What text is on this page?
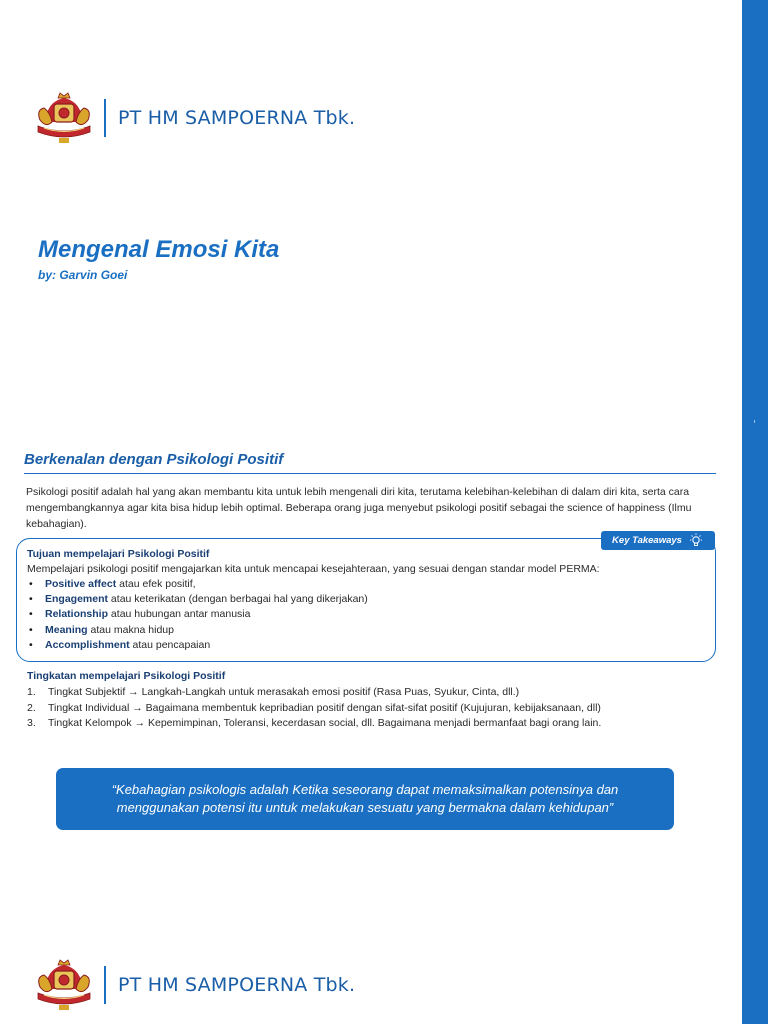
PT HM SAMPOERNA Tbk.
Mengenal Emosi Kita
by: Garvin Goei
Berkenalan dengan Psikologi Positif

Psikologi positif adalah hal yang akan membantu kita untuk lebih mengenali diri kita, terutama kelebihan-kelebihan di dalam diri kita, serta cara mengembangkannya agar kita bisa hidup lebih optimal. Beberapa orang juga menyebut psikologi positif sebagai the science of happiness (Ilmu kebahagian).

Key Takeaways
Tujuan mempelajari Psikologi Positif

Mempelajari psikologi positif mengajarkan kita untuk mencapai kesejahteraan, yang sesuai dengan standar model PERMA:

• Positive affect atau efek positif,
• Engagement atau keterikatan (dengan berbagai hal yang dikerjakan)
• Relationship atau hubungan antar manusia
• Meaning atau makna hidup
• Accomplishment atau pencapaian
Tingkatan mempelajari Psikologi Positif
1. Tingkat Subjektif → Langkah-Langkah untuk merasakah emosi positif (Rasa Puas, Syukur, Cinta, dll.)
2. Tingkat Individual → Bagaimana membentuk kepribadian positif dengan sifat-sifat positif (Kujujuran, kebijaksanaan, dll)
3. Tingkat Kelompok → Kepemimpinan, Toleransi, kecerdasan social, dll. Bagaimana menjadi bermanfaat bagi orang lain.

“Kebahagian psikologis adalah Ketika seseorang dapat memaksimalkan potensinya dan menggunakan potensi itu untuk melakukan sesuatu yang bermakna dalam kehidupan”

PT HM SAMPOERNA Tbk.
